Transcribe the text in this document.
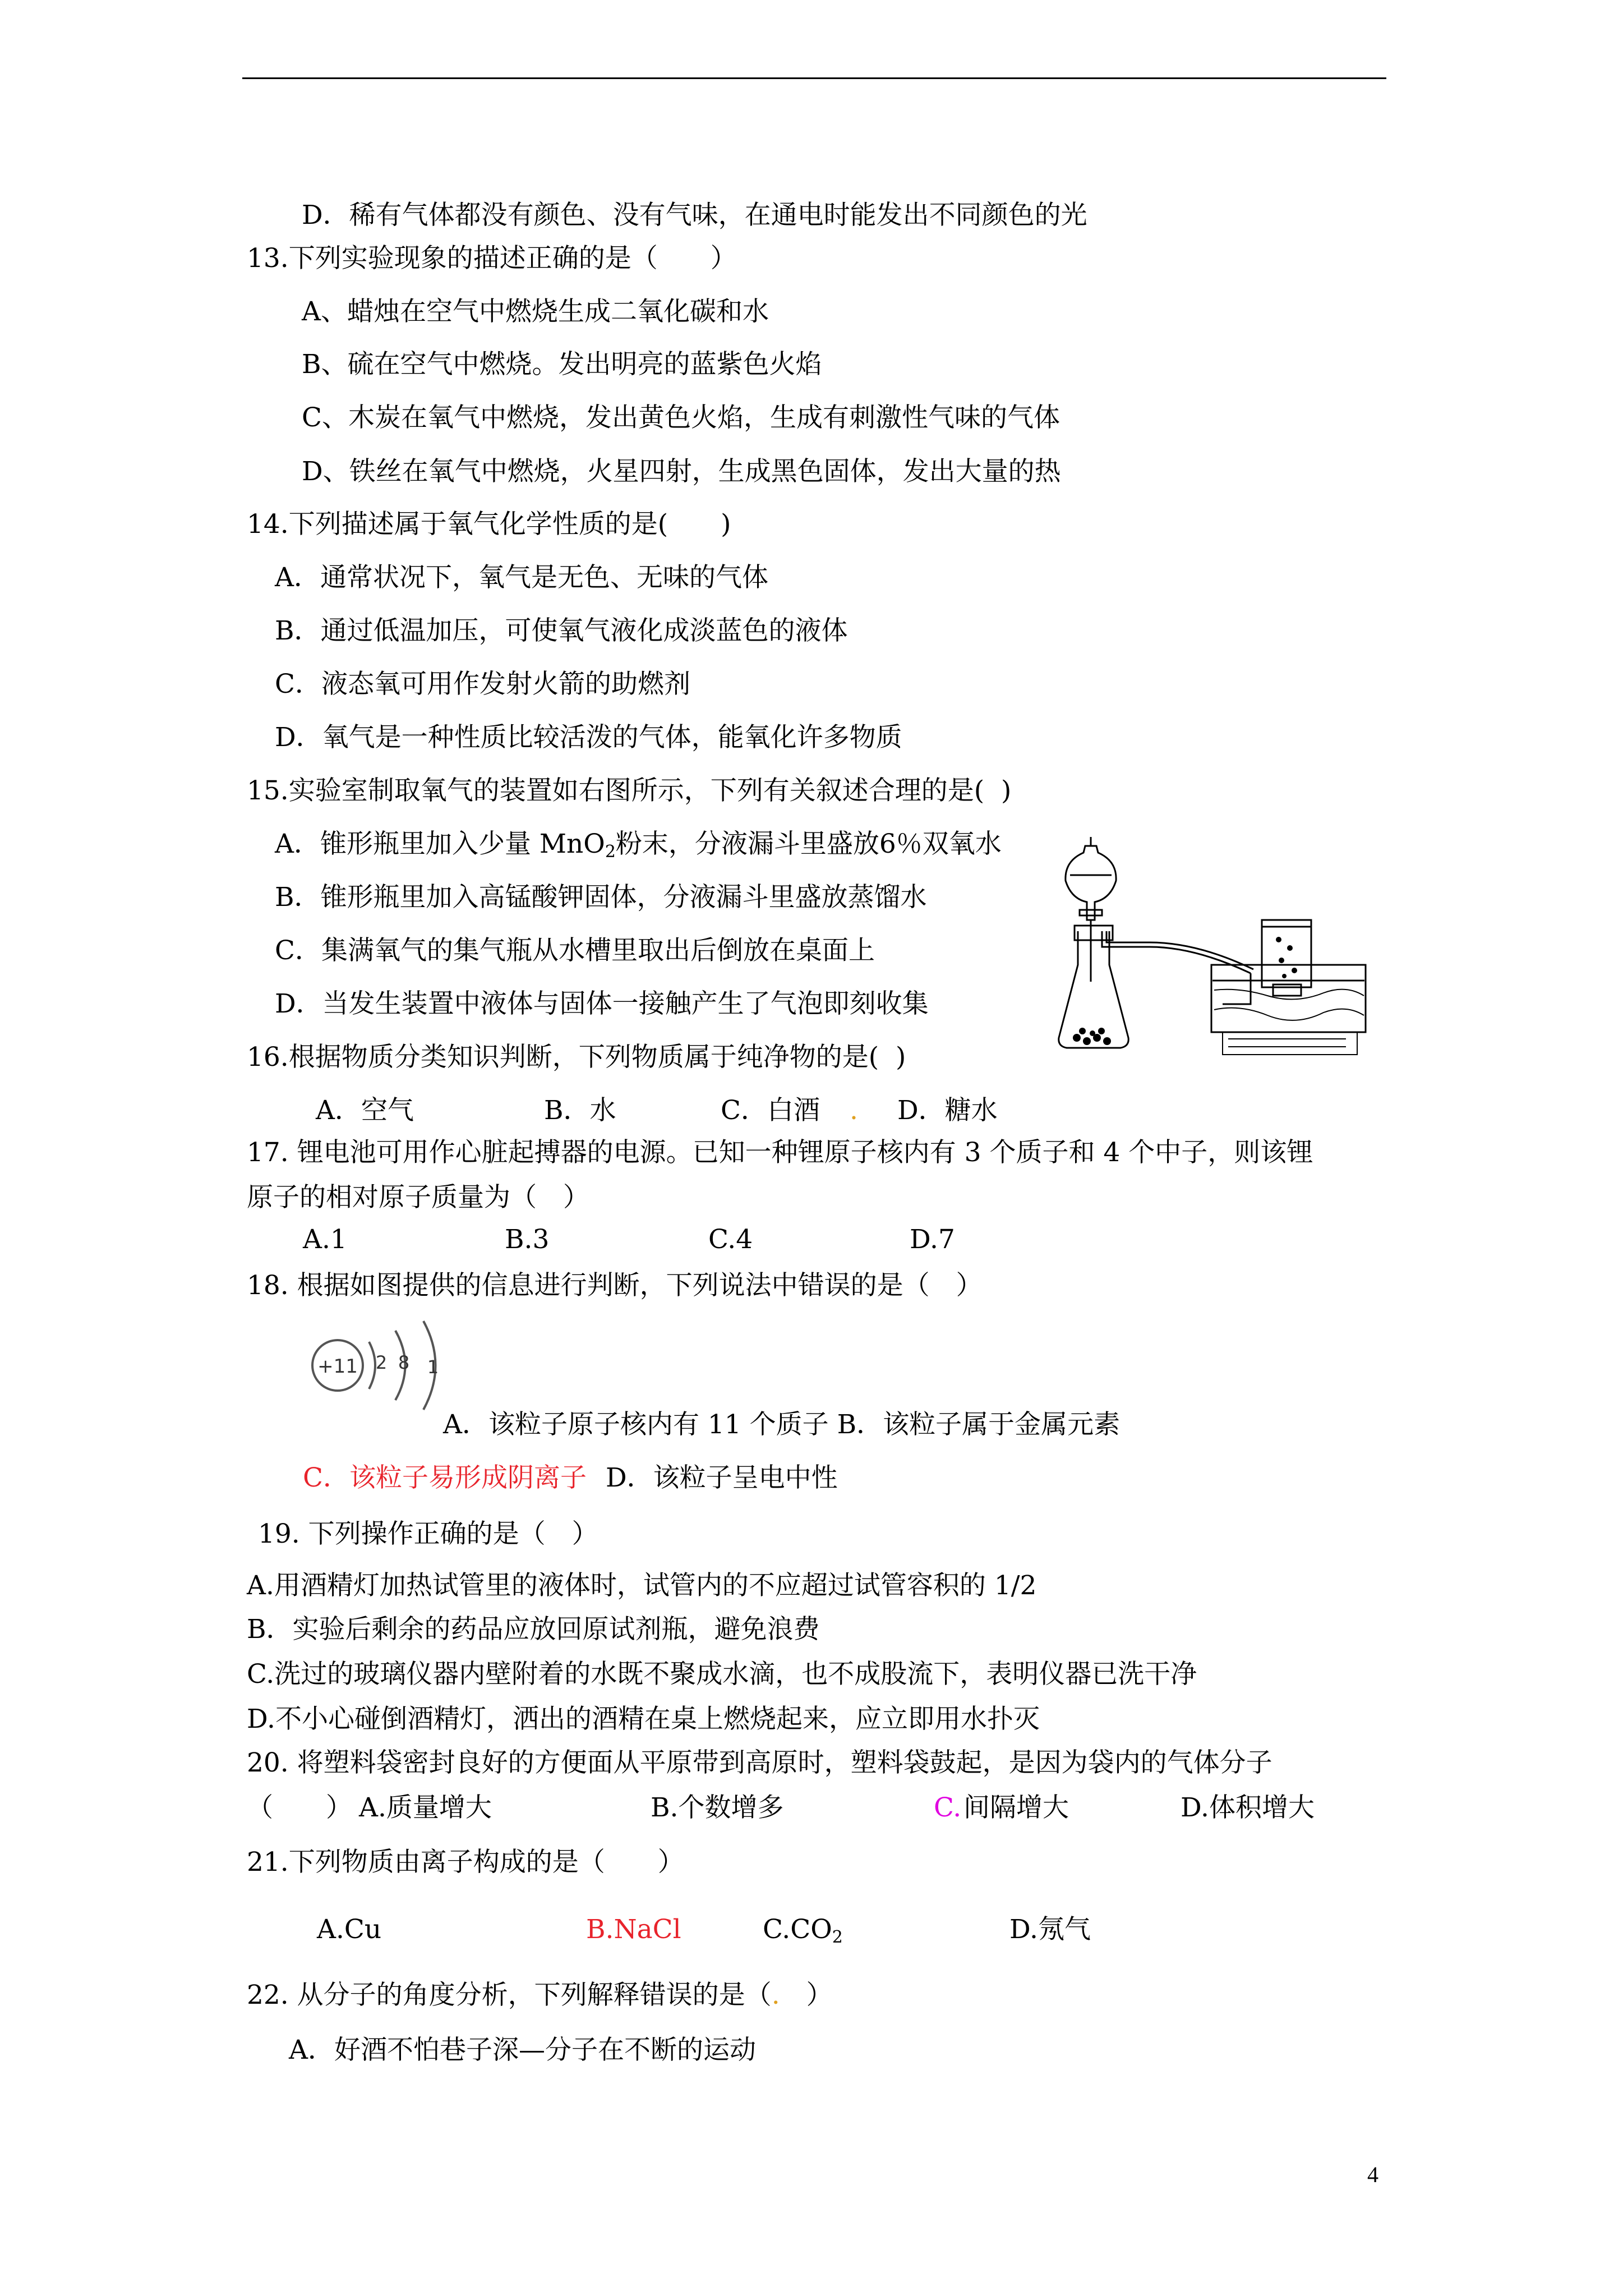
D．稀有气体都没有颜色、没有气味，在通电时能发出不同颜色的光
13.下列实验现象的描述正确的是（　　）
A、蜡烛在空气中燃烧生成二氧化碳和水
B、硫在空气中燃烧。发出明亮的蓝紫色火焰
C、木炭在氧气中燃烧，发出黄色火焰，生成有刺激性气味的气体
D、铁丝在氧气中燃烧，火星四射，生成黑色固体，发出大量的热
14.下列描述属于氧气化学性质的是(　　)
A．通常状况下，氧气是无色、无味的气体
B．通过低温加压，可使氧气液化成淡蓝色的液体
C．液态氧可用作发射火箭的助燃剂
D．氧气是一种性质比较活泼的气体，能氧化许多物质
15.实验室制取氧气的装置如右图所示，下列有关叙述合理的是(  )
A．锥形瓶里加入少量 MnO$_2$粉末，分液漏斗里盛放6％双氧水
B．锥形瓶里加入高锰酸钾固体，分液漏斗里盛放蒸馏水
C．集满氧气的集气瓶从水槽里取出后倒放在桌面上
D．当发生装置中液体与固体一接触产生了气泡即刻收集
16.根据物质分类知识判断，下列物质属于纯净物的是(  )
A．空气	B．水	C．白酒 . D．糖水
17. 锂电池可用作心脏起搏器的电源。已知一种锂原子核内有 3 个质子和 4 个中子，则该锂
原子的相对原子质量为（　）
A.1	B.3	C.4	D.7
18. 根据如图提供的信息进行判断，下列说法中错误的是（　）
+11 2 8 1
A．该粒子原子核内有 11 个质子 B．该粒子属于金属元素
C．该粒子易形成阴离子 D．该粒子呈电中性
19. 下列操作正确的是（　）
A.用酒精灯加热试管里的液体时，试管内的不应超过试管容积的 1/2
B．实验后剩余的药品应放回原试剂瓶，避免浪费
C.洗过的玻璃仪器内壁附着的水既不聚成水滴，也不成股流下，表明仪器已洗干净
D.不小心碰倒酒精灯，洒出的酒精在桌上燃烧起来，应立即用水扑灭
20. 将塑料袋密封良好的方便面从平原带到高原时，塑料袋鼓起，是因为袋内的气体分子
（　　） A.质量增大	B.个数增多	C. 间隔增大	D.体积增大
21.下列物质由离子构成的是（　　）
A.Cu	B.NaCl	$C.CO_2$	D.氖气
22. 从分子的角度分析，下列解释错误的是（.　）
A．好酒不怕巷子深—分子在不断的运动
4
